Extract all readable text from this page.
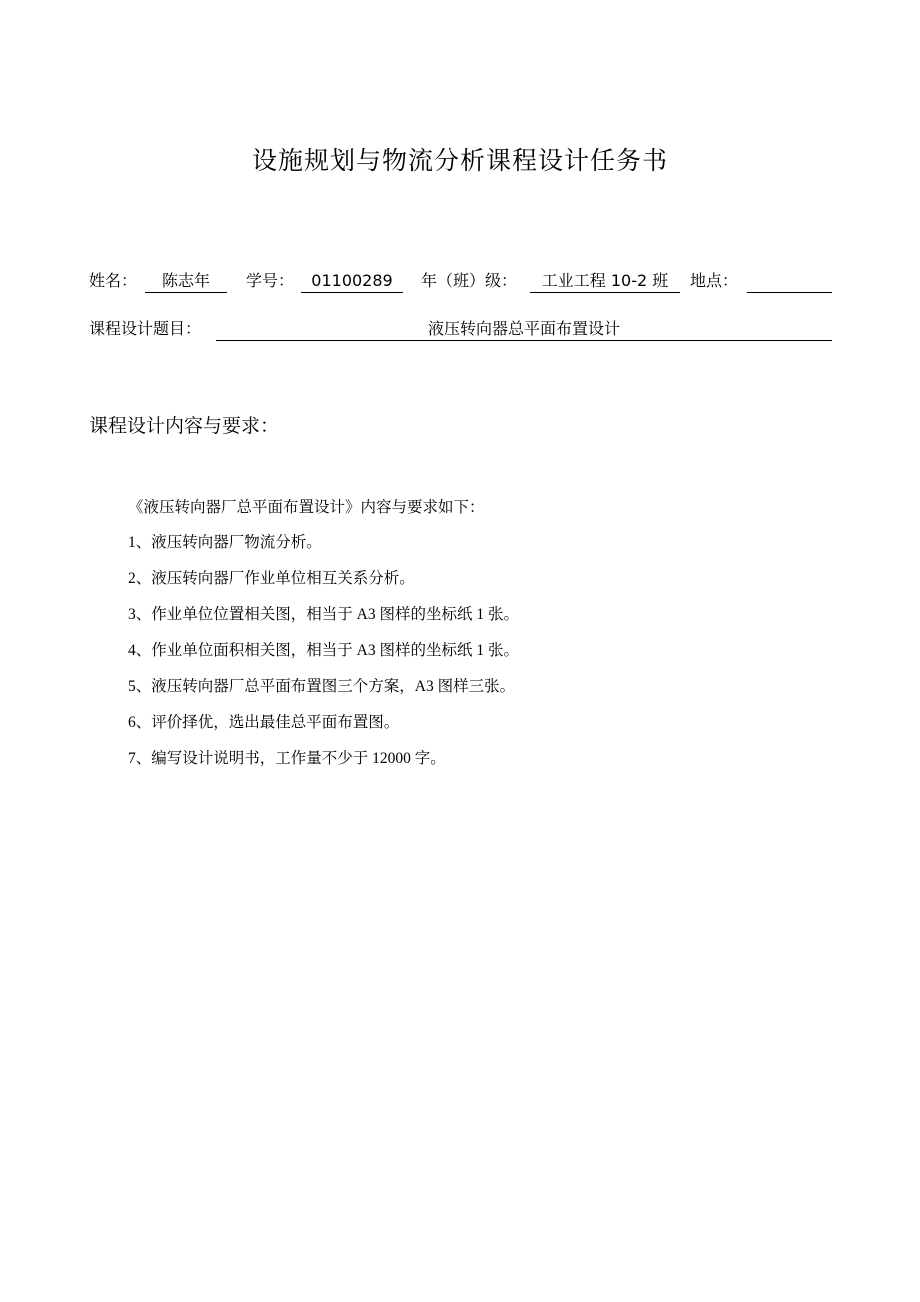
设施规划与物流分析课程设计任务书
姓名：	陈志年	学号：	01100289	年（班）级：	工业工程 10-2 班	地点：
课程设计题目：	液压转向器总平面布置设计
课程设计内容与要求：
《液压转向器厂总平面布置设计》内容与要求如下：
1、液压转向器厂物流分析。
2、液压转向器厂作业单位相互关系分析。
3、作业单位位置相关图，相当于 A3 图样的坐标纸 1 张。
4、作业单位面积相关图，相当于 A3 图样的坐标纸 1 张。
5、液压转向器厂总平面布置图三个方案，A3 图样三张。
6、评价择优，选出最佳总平面布置图。
7、编写设计说明书，工作量不少于 12000 字。
